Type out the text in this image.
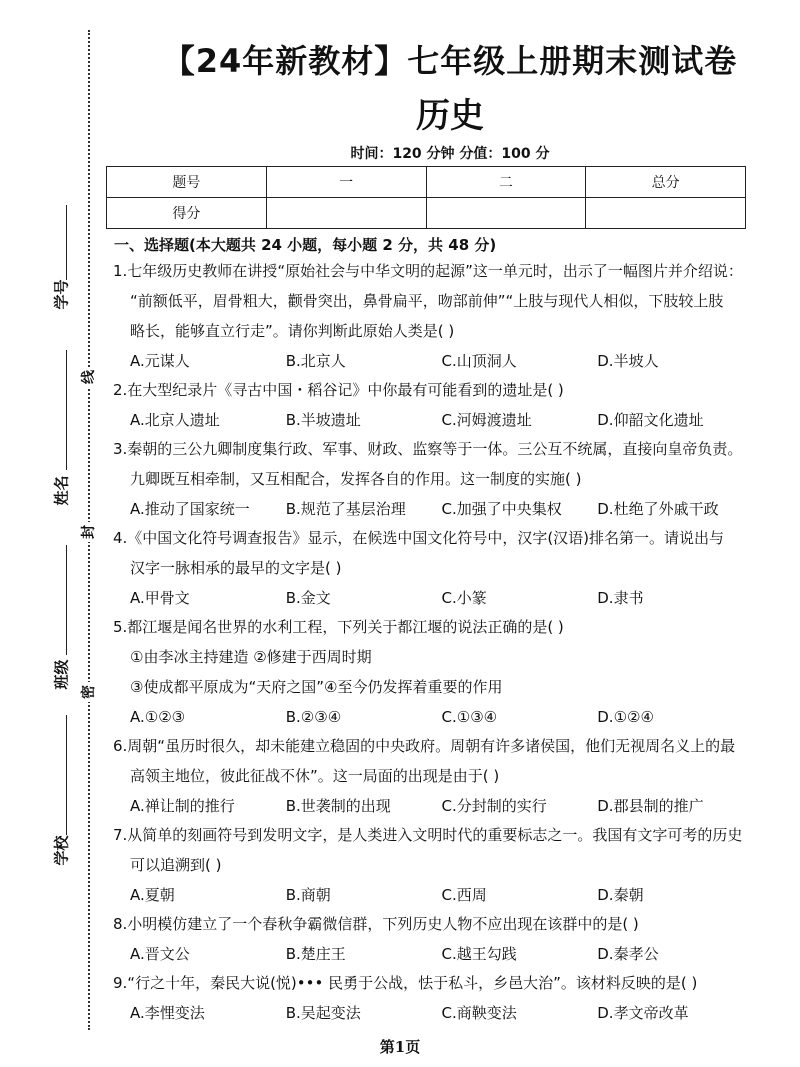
线
封
密
学号
姓名
班级
学校
【24年新教材】七年级上册期末测试卷
历史
时间：120 分钟 分值：100 分
题号	一	二	总分
得分			
一、选择题(本大题共 24 小题，每小题 2 分，共 48 分)
1.七年级历史教师在讲授“原始社会与中华文明的起源”这一单元时，出示了一幅图片并介绍说：
“前额低平，眉骨粗大，颧骨突出，鼻骨扁平，吻部前伸”“上肢与现代人相似，下肢较上肢
略长，能够直立行走”。请你判断此原始人类是( )
A.元谋人	B.北京人	C.山顶洞人	D.半坡人
2.在大型纪录片《寻古中国・稻谷记》中你最有可能看到的遗址是( )
A.北京人遗址	B.半坡遗址	C.河姆渡遗址	D.仰韶文化遗址
3.秦朝的三公九卿制度集行政、军事、财政、监察等于一体。三公互不统属，直接向皇帝负责。
九卿既互相牵制，又互相配合，发挥各自的作用。这一制度的实施( )
A.推动了国家统一	B.规范了基层治理	C.加强了中央集权	D.杜绝了外戚干政
4.《中国文化符号调查报告》显示，在候选中国文化符号中，汉字(汉语)排名第一。请说出与
汉字一脉相承的最早的文字是( )
A.甲骨文	B.金文	C.小篆	D.隶书
5.都江堰是闻名世界的水利工程，下列关于都江堰的说法正确的是( )
①由李冰主持建造 ②修建于西周时期
③使成都平原成为“天府之国”④至今仍发挥着重要的作用
A.①②③	B.②③④	C.①③④	D.①②④
6.周朝“虽历时很久，却未能建立稳固的中央政府。周朝有许多诸侯国，他们无视周名义上的最
高领主地位，彼此征战不休”。这一局面的出现是由于( )
A.禅让制的推行	B.世袭制的出现	C.分封制的实行	D.郡县制的推广
7.从简单的刻画符号到发明文字，是人类进入文明时代的重要标志之一。我国有文字可考的历史
可以追溯到( )
A.夏朝	B.商朝	C.西周	D.秦朝
8.小明模仿建立了一个春秋争霸微信群，下列历史人物不应出现在该群中的是( )
A.晋文公	B.楚庄王	C.越王勾践	D.秦孝公
9.“行之十年，秦民大说(悦)••• 民勇于公战，怯于私斗，乡邑大治”。该材料反映的是( )
A.李悝变法	B.吴起变法	C.商鞅变法	D.孝文帝改革
第1页
